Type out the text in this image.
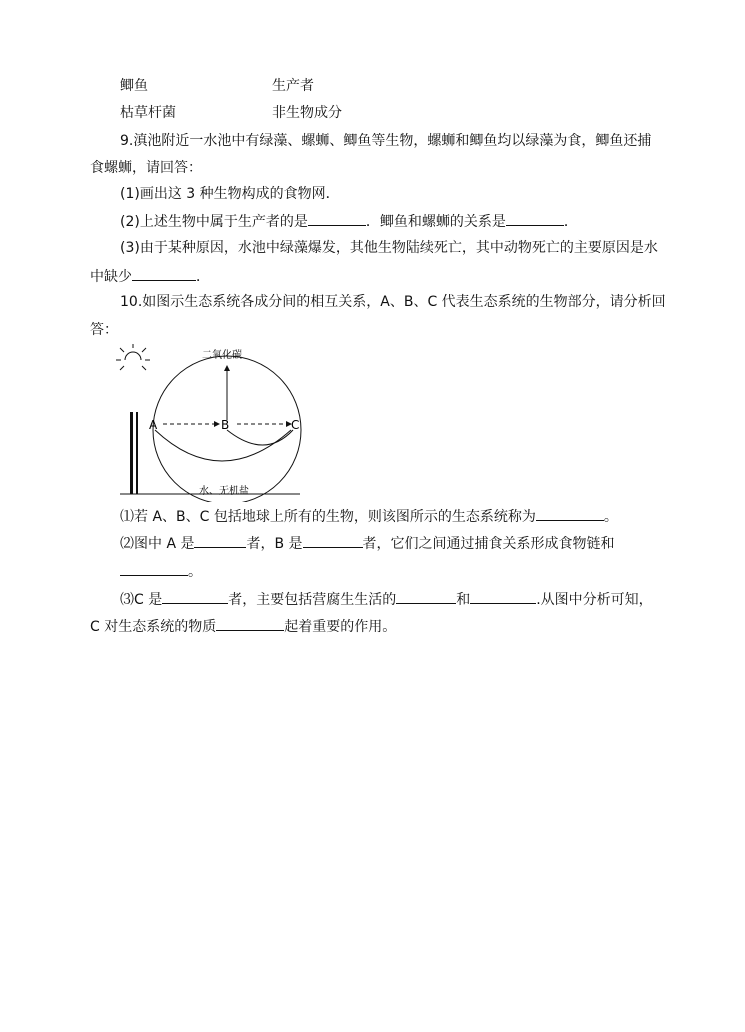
鲫鱼	生产者
枯草杆菌	非生物成分
9.滇池附近一水池中有绿藻、螺蛳、鲫鱼等生物，螺蛳和鲫鱼均以绿藻为食，鲫鱼还捕
食螺蛳，请回答：
(1)画出这 3 种生物构成的食物网．
(2)上述生物中属于生产者的是	．鲫鱼和螺蛳的关系是	．
(3)由于某种原因，水池中绿藻爆发，其他生物陆续死亡，其中动物死亡的主要原因是水
中缺少	．
10.如图示生态系统各成分间的相互关系，A、B、C 代表生态系统的生物部分，请分析回
答：
二氧化碳
A	B	C
水、无机盐
⑴若 A、B、C 包括地球上所有的生物，则该图所示的生态系统称为	。
⑵图中 A 是	者，B 是	者，它们之间通过捕食关系形成食物链和
。
⑶C 是	者，主要包括营腐生生活的	和	.从图中分析可知，
C 对生态系统的物质	起着重要的作用。
